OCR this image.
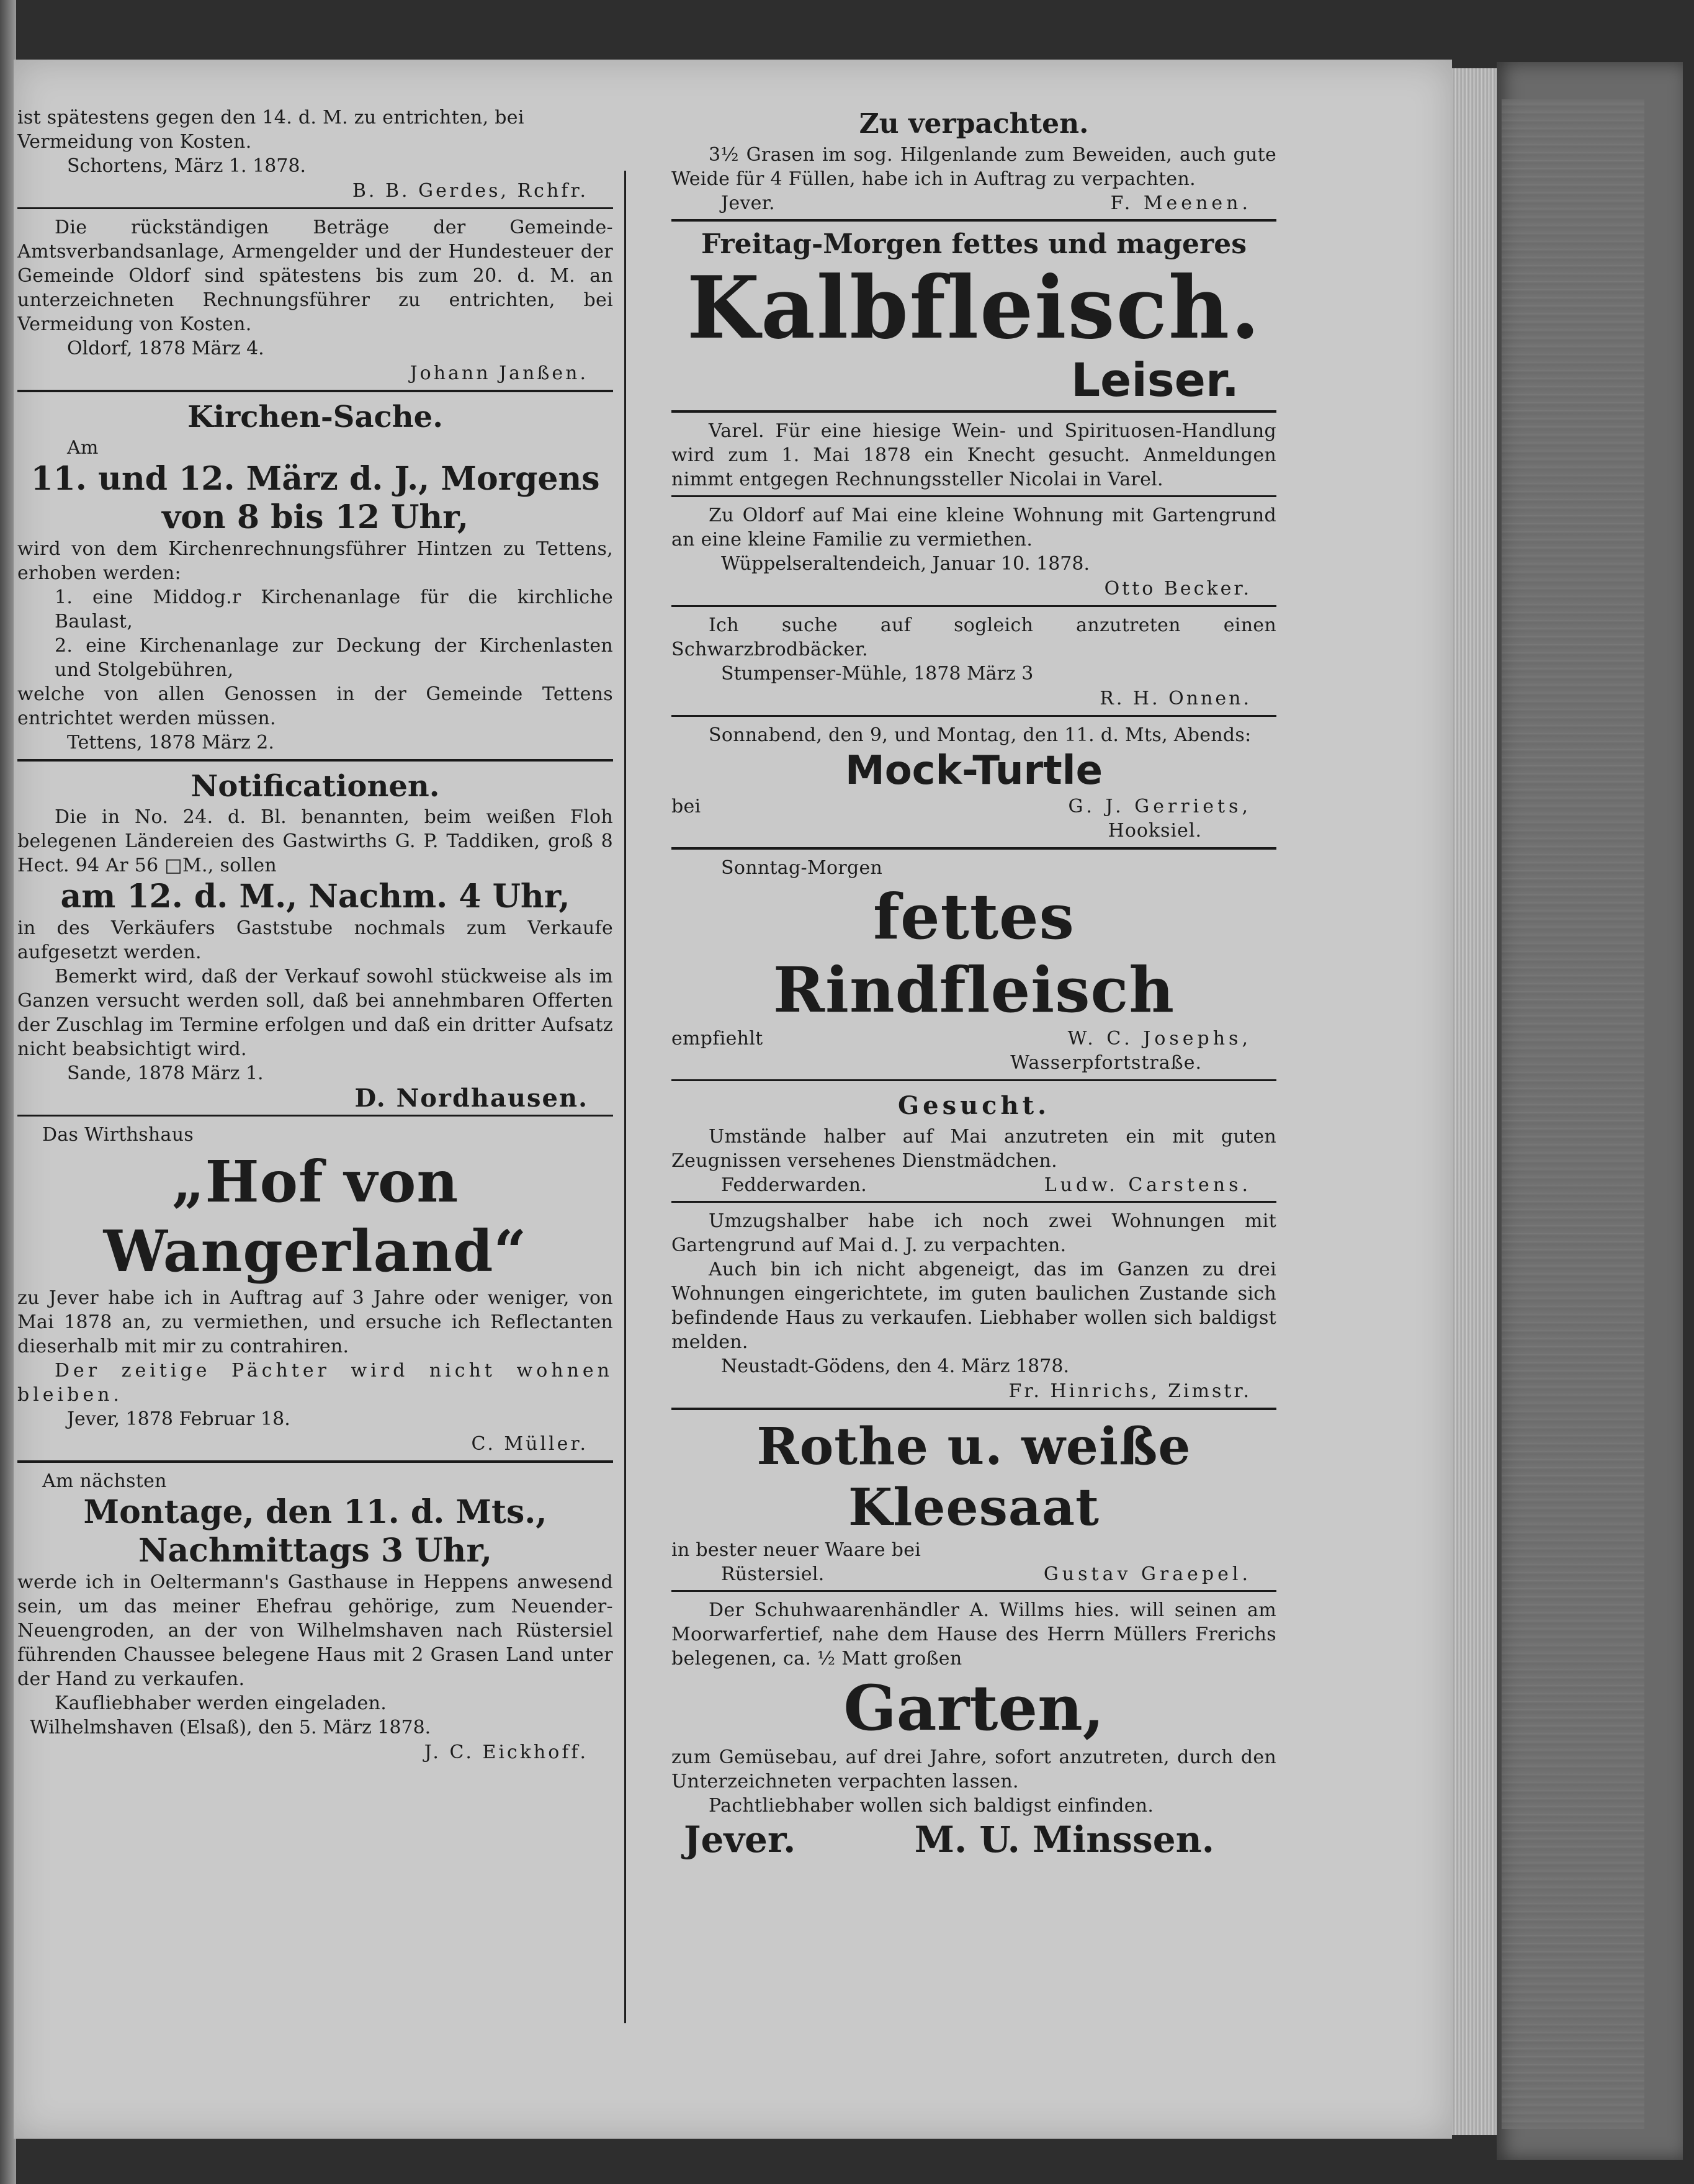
ist spätestens gegen den 14. d. M. zu entrichten, bei

Vermeidung von Kosten.

Schortens, März 1. 1878.
B. B. Gerdes, Rchfr.

Die rückständigen Beträge der Gemeinde-Amtsverbandsanlage, Armengelder und der Hundesteuer der Gemeinde Oldorf sind spätestens bis zum 20. d. M. an unterzeichneten Rechnungsführer zu entrichten, bei Vermeidung von Kosten.

Oldorf, 1878 März 4.
Johann Janßen.
Kirchen-Sache.
Am
11. und 12. März d. J., Morgens
von 8 bis 12 Uhr,

wird von dem Kirchenrechnungsführer Hintzen zu Tettens, erhoben werden:

1. eine Middog.r Kirchenanlage für die kirchliche Baulast,

2. eine Kirchenanlage zur Deckung der Kirchenlasten und Stolgebühren,

welche von allen Genossen in der Gemeinde Tettens entrichtet werden müssen.

Tettens, 1878 März 2.
Notificationen.

Die in No. 24. d. Bl. benannten, beim weißen Floh belegenen Ländereien des Gastwirths G. P. Taddiken, groß 8 Hect. 94 Ar 56 □M., sollen

am 12. d. M., Nachm. 4 Uhr,

in des Verkäufers Gaststube nochmals zum Verkaufe aufgesetzt werden.

Bemerkt wird, daß der Verkauf sowohl stückweise als im Ganzen versucht werden soll, daß bei annehmbaren Offerten der Zuschlag im Termine erfolgen und daß ein dritter Aufsatz nicht beabsichtigt wird.

Sande, 1878 März 1.
D. Nordhausen.
Das Wirthshaus
„Hof von Wangerland“

zu Jever habe ich in Auftrag auf 3 Jahre oder weniger, von Mai 1878 an, zu vermiethen, und ersuche ich Reflectanten dieserhalb mit mir zu contrahiren.

Der zeitige Pächter wird nicht wohnen bleiben.

Jever, 1878 Februar 18.
C. Müller.
Am nächsten
Montage, den 11. d. Mts.,
Nachmittags 3 Uhr,

werde ich in Oeltermann's Gasthause in Heppens anwesend sein, um das meiner Ehefrau gehörige, zum Neuender-Neuengroden, an der von Wilhelmshaven nach Rüstersiel führenden Chaussee belegene Haus mit 2 Grasen Land unter der Hand zu verkaufen.

Kaufliebhaber werden eingeladen.

Wilhelmshaven (Elsaß), den 5. März 1878.
J. C. Eickhoff.
Zu verpachten.

3½ Grasen im sog. Hilgenlande zum Beweiden, auch gute Weide für 4 Füllen, habe ich in Auftrag zu verpachten.

Jever.	F. Meenen.
Freitag-Morgen fettes und mageres
Kalbfleisch.
Leiser.

Varel. Für eine hiesige Wein- und Spirituosen-Handlung wird zum 1. Mai 1878 ein Knecht gesucht. Anmeldungen nimmt entgegen Rechnungssteller Nicolai in Varel.

Zu Oldorf auf Mai eine kleine Wohnung mit Gartengrund an eine kleine Familie zu vermiethen.

Wüppelseraltendeich, Januar 10. 1878.
Otto Becker.

Ich suche auf sogleich anzutreten einen Schwarzbrodbäcker.

Stumpenser-Mühle, 1878 März 3
R. H. Onnen.

Sonnabend, den 9, und Montag, den 11. d. Mts, Abends:

Mock-Turtle
bei	G. J. Gerriets,
Hooksiel.
Sonntag-Morgen
fettes Rindfleisch
empfiehlt	W. C. Josephs,
Wasserpfortstraße.
Gesucht.

Umstände halber auf Mai anzutreten ein mit guten Zeugnissen versehenes Dienstmädchen.

Fedderwarden.	Ludw. Carstens.

Umzugshalber habe ich noch zwei Wohnungen mit Gartengrund auf Mai d. J. zu verpachten.

Auch bin ich nicht abgeneigt, das im Ganzen zu drei Wohnungen eingerichtete, im guten baulichen Zustande sich befindende Haus zu verkaufen. Liebhaber wollen sich baldigst melden.

Neustadt-Gödens, den 4. März 1878.
Fr. Hinrichs, Zimstr.
Rothe u. weiße Kleesaat
in bester neuer Waare bei
Rüstersiel.	Gustav Graepel.

Der Schuhwaarenhändler A. Willms hies. will seinen am Moorwarfertief, nahe dem Hause des Herrn Müllers Frerichs belegenen, ca. ½ Matt großen

Garten,

zum Gemüsebau, auf drei Jahre, sofort anzutreten, durch den Unterzeichneten verpachten lassen.

Pachtliebhaber wollen sich baldigst einfinden.

Jever.	M. U. Minssen.
